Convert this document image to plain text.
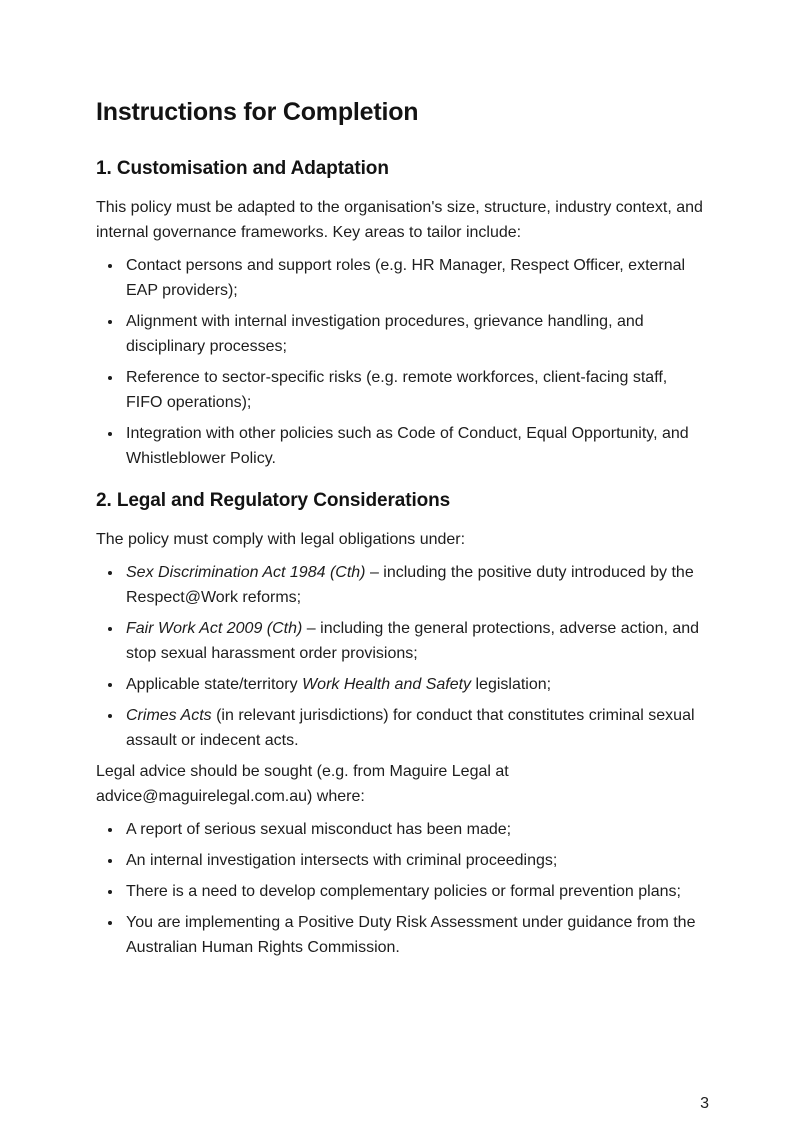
Instructions for Completion
1. Customisation and Adaptation

This policy must be adapted to the organisation's size, structure, industry context, and internal governance frameworks. Key areas to tailor include:

• Contact persons and support roles (e.g. HR Manager, Respect Officer, external EAP providers);
• Alignment with internal investigation procedures, grievance handling, and disciplinary processes;
• Reference to sector-specific risks (e.g. remote workforces, client-facing staff, FIFO operations);
• Integration with other policies such as Code of Conduct, Equal Opportunity, and Whistleblower Policy.
2. Legal and Regulatory Considerations

The policy must comply with legal obligations under:

• Sex Discrimination Act 1984 (Cth) – including the positive duty introduced by the Respect@Work reforms;
• Fair Work Act 2009 (Cth) – including the general protections, adverse action, and stop sexual harassment order provisions;
• Applicable state/territory Work Health and Safety legislation;
• Crimes Acts (in relevant jurisdictions) for conduct that constitutes criminal sexual assault or indecent acts.

Legal advice should be sought (e.g. from Maguire Legal at advice@maguirelegal.com.au) where:

• A report of serious sexual misconduct has been made;
• An internal investigation intersects with criminal proceedings;
• There is a need to develop complementary policies or formal prevention plans;
• You are implementing a Positive Duty Risk Assessment under guidance from the Australian Human Rights Commission.
3
